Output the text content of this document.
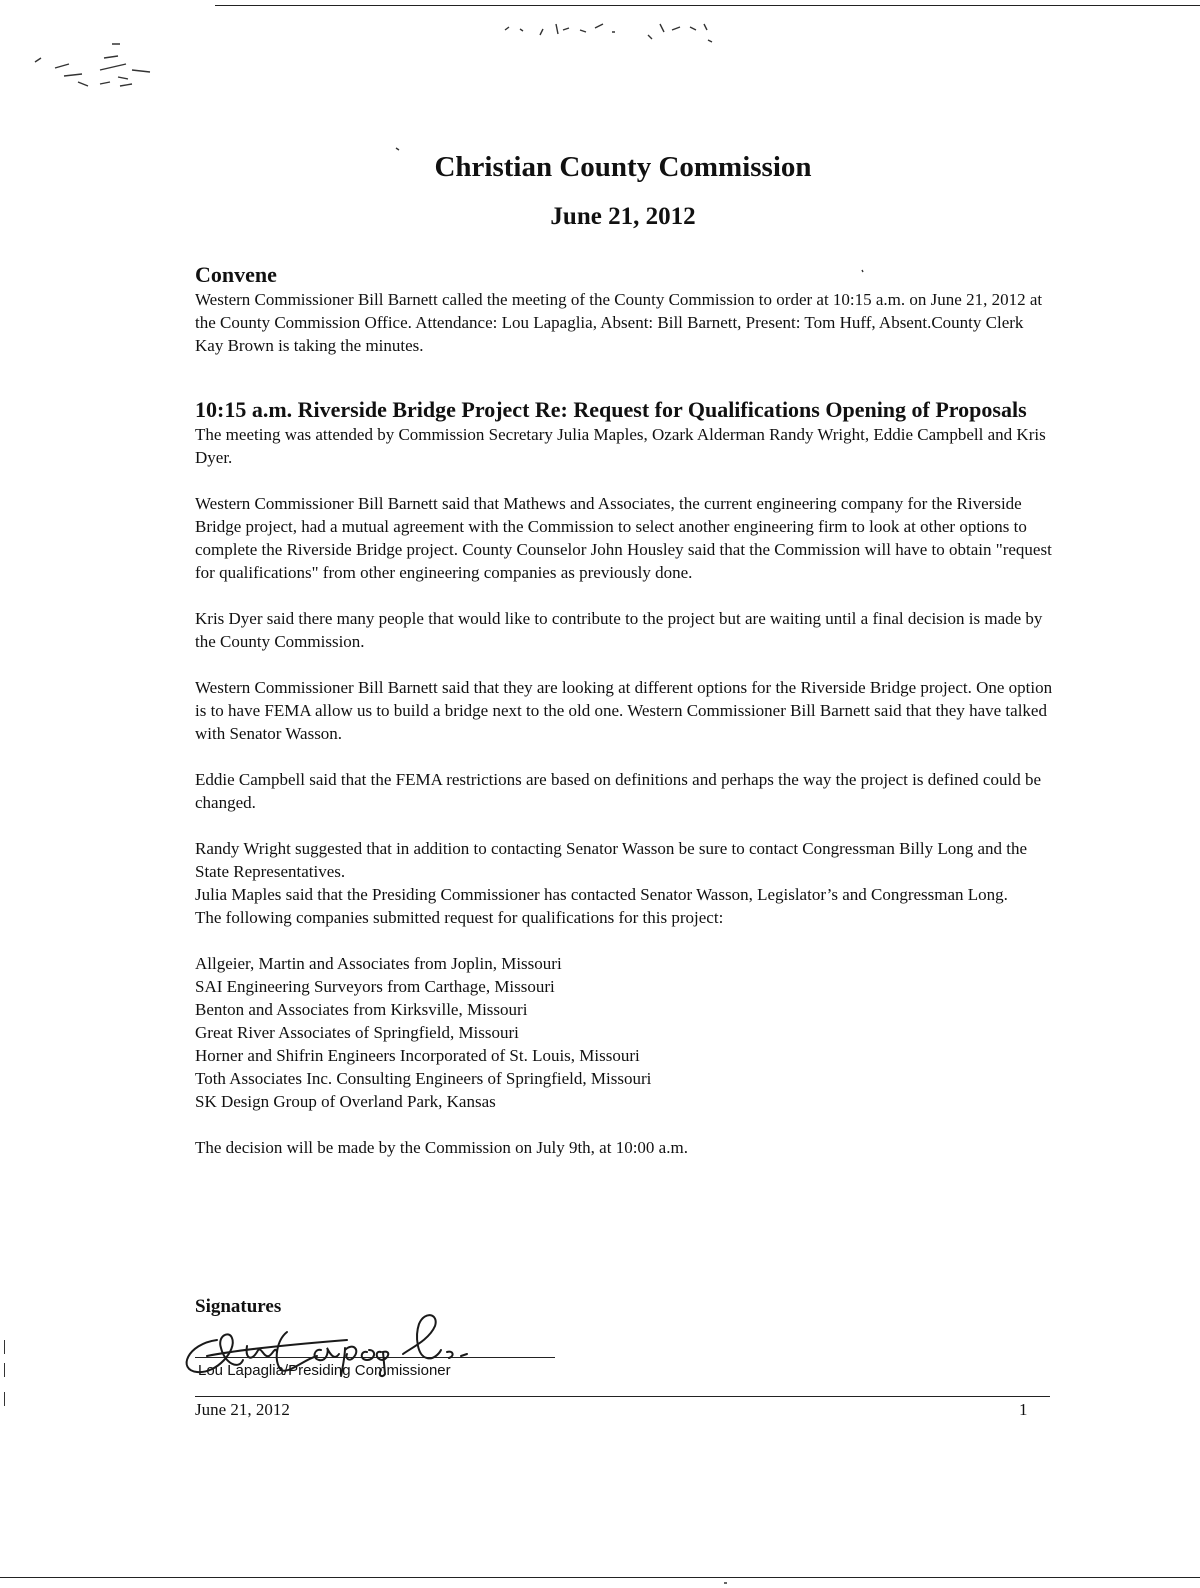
Christian County Commission
June 21, 2012
Convene

Western Commissioner Bill Barnett called the meeting of the County Commission to order at 10:15 a.m. on June 21, 2012 at the County Commission Office. Attendance: Lou Lapaglia, Absent: Bill Barnett, Present: Tom Huff, Absent.County Clerk Kay Brown is taking the minutes.

10:15 a.m. Riverside Bridge Project Re: Request for Qualifications Opening of Proposals

The meeting was attended by Commission Secretary Julia Maples, Ozark Alderman Randy Wright, Eddie Campbell and Kris Dyer.

Western Commissioner Bill Barnett said that Mathews and Associates, the current engineering company for the Riverside Bridge project, had a mutual agreement with the Commission to select another engineering firm to look at other options to complete the Riverside Bridge project. County Counselor John Housley said that the Commission will have to obtain "request for qualifications" from other engineering companies as previously done.

Kris Dyer said there many people that would like to contribute to the project but are waiting until a final decision is made by the County Commission.

Western Commissioner Bill Barnett said that they are looking at different options for the Riverside Bridge project. One option is to have FEMA allow us to build a bridge next to the old one. Western Commissioner Bill Barnett said that they have talked with Senator Wasson.

Eddie Campbell said that the FEMA restrictions are based on definitions and perhaps the way the project is defined could be changed.

Randy Wright suggested that in addition to contacting Senator Wasson be sure to contact Congressman Billy Long and the State Representatives.

Julia Maples said that the Presiding Commissioner has contacted Senator Wasson, Legislator’s and Congressman Long.

The following companies submitted request for qualifications for this project:

Allgeier, Martin and Associates from Joplin, Missouri
SAI Engineering Surveyors from Carthage, Missouri
Benton and Associates from Kirksville, Missouri
Great River Associates of Springfield, Missouri
Horner and Shifrin Engineers Incorporated of St. Louis, Missouri
Toth Associates Inc. Consulting Engineers of Springfield, Missouri
SK Design Group of Overland Park, Kansas

The decision will be made by the Commission on July 9th, at 10:00 a.m.

Signatures
Lou Lapaglia/Presiding Commissioner
June 21, 2012	1
